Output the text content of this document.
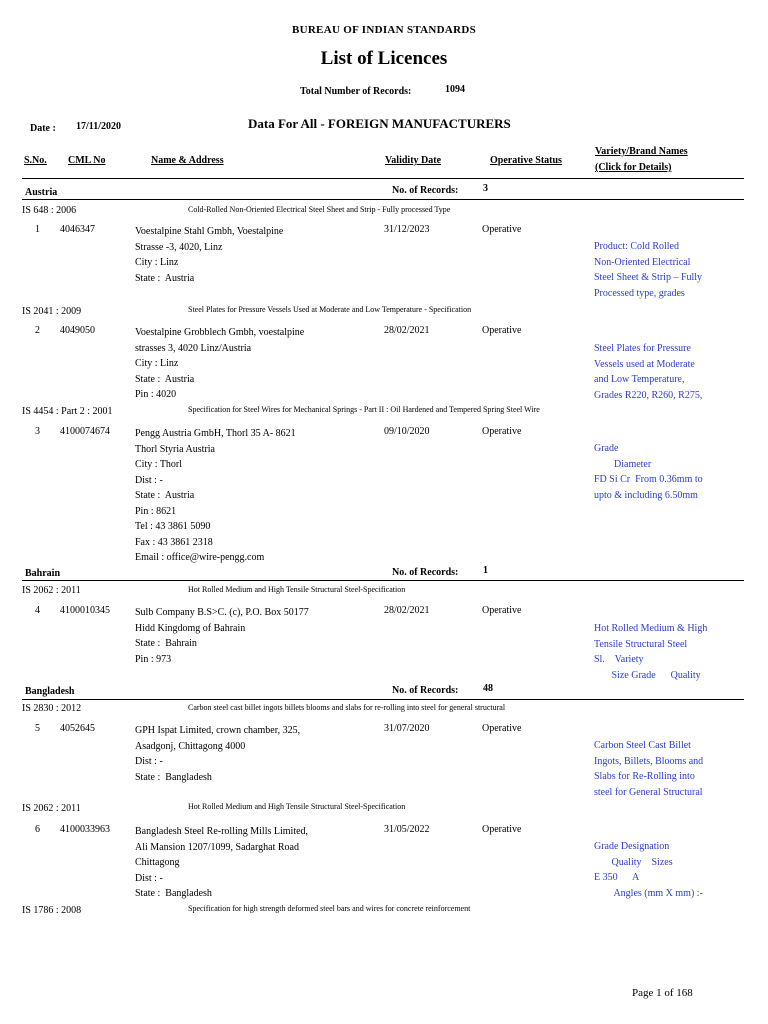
BUREAU OF INDIAN STANDARDS
List of Licences
Total Number of Records:	1094
Date : 17/11/2020	Data For All - FOREIGN MANUFACTURERS
S.No. CML No	Name & Address	Validity Date	Operative Status
Variety/Brand Names
(Click for Details)
Austria	No. of Records: 3
IS 648 : 2006	Cold-Rolled Non-Oriented Electrical Steel Sheet and Strip - Fully processed Type
1 4046347	Voestalpine Stahl Gmbh, Voestalpine
Strasse -3, 4020, Linz
City : Linz
State :  Austria
31/12/2023	Operative
Product: Cold Rolled
Non-Oriented Electrical
Steel Sheet & Strip – Fully
Processed type, grades
IS 2041 : 2009	Steel Plates for Pressure Vessels Used at Moderate and Low Temperature - Specification
2 4049050	Voestalpine Grobblech Gmbh, voestalpine
strasses 3, 4020 Linz/Austria
City : Linz
State :  Austria
Pin : 4020
28/02/2021	Operative
Steel Plates for Pressure
Vessels used at Moderate
and Low Temperature,
Grades R220, R260, R275,
IS 4454 : Part 2 : 2001	Specification for Steel Wires for Mechanical Springs - Part II : Oil Hardened and Tempered Spring Steel Wire
3 4100074674	Pengg Austria GmbH, Thorl 35 A- 8621
Thorl Styria Austria
City : Thorl
Dist : -
State :  Austria
Pin : 8621
Tel : 43 3861 5090
Fax : 43 3861 2318
Email : office@wire-pengg.com
09/10/2020	Operative
Grade
Diameter
FD Si Cr  From 0.36mm to
upto & including 6.50mm
Bahrain	No. of Records: 1
IS 2062 : 2011	Hot Rolled Medium and High Tensile Structural Steel-Specification
4 4100010345	Sulb Company B.S>C. (c), P.O. Box 50177
Hidd Kingdomg of Bahrain
State :  Bahrain
Pin : 973
28/02/2021	Operative
Hot Rolled Medium & High
Tensile Structural Steel
Sl.    Variety
Size Grade      Quality
Bangladesh	No. of Records: 48
IS 2830 : 2012	Carbon steel cast billet ingots billets blooms and slabs for re-rolling into steel for general structural
5 4052645	GPH Ispat Limited, crown chamber, 325,
Asadgonj, Chittagong 4000
Dist : -
State :  Bangladesh
31/07/2020	Operative
Carbon Steel Cast Billet
Ingots, Billets, Blooms and
Slabs for Re-Rolling into
steel for General Structural
IS 2062 : 2011	Hot Rolled Medium and High Tensile Structural Steel-Specification
6 4100033963	Bangladesh Steel Re-rolling Mills Limited,
Ali Mansion 1207/1099, Sadarghat Road
Chittagong
Dist : -
State :  Bangladesh
31/05/2022	Operative
Grade Designation
Quality    Sizes
E 350      A
Angles (mm X mm) :-
IS 1786 : 2008	Specification for high strength deformed steel bars and wires for concrete reinforcement
Page 1 of 168
